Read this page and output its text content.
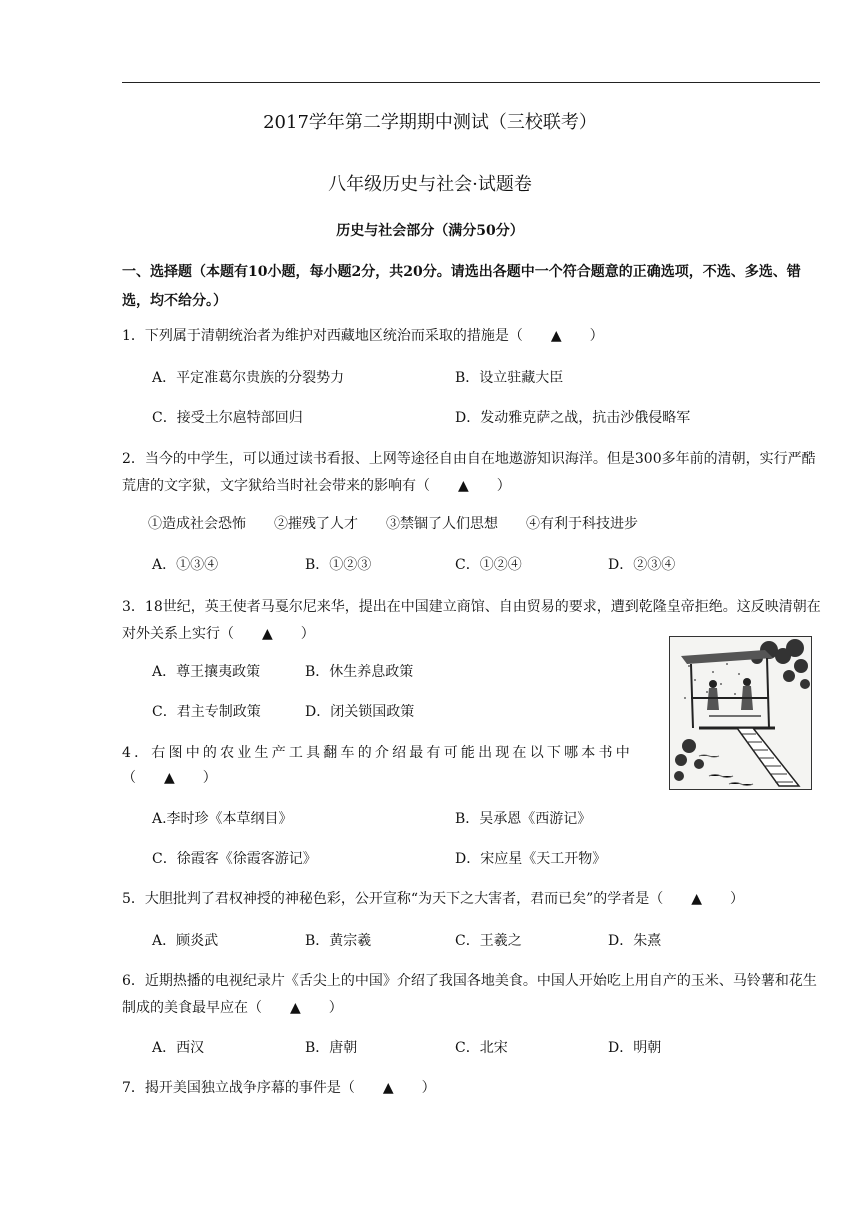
2017学年第二学期期中测试（三校联考）
八年级历史与社会·试题卷
历史与社会部分（满分50分）
一、选择题（本题有10小题，每小题2分，共20分。请选出各题中一个符合题意的正确选项，不选、多选、错选，均不给分。）
1．下列属于清朝统治者为维护对西藏地区统治而采取的措施是（　　▲　　）
A．平定准葛尔贵族的分裂势力	B．设立驻藏大臣
C．接受土尔扈特部回归	D．发动雅克萨之战，抗击沙俄侵略军
2．当今的中学生，可以通过读书看报、上网等途径自由自在地遨游知识海洋。但是300多年前的清朝，实行严酷荒唐的文字狱，文字狱给当时社会带来的影响有（　　▲　　）
①造成社会恐怖　　②摧残了人才　　③禁锢了人们思想　　④有利于科技进步
A．①③④	B．①②③	C．①②④	D．②③④
3．18世纪，英王使者马戛尔尼来华，提出在中国建立商馆、自由贸易的要求，遭到乾隆皇帝拒绝。这反映清朝在对外关系上实行（　　▲　　）
A．尊王攘夷政策	B．休生养息政策
C．君主专制政策	D．闭关锁国政策
4．右图中的农业生产工具翻车的介绍最有可能出现在以下哪本书中
（　　▲　　）
A.李时珍《本草纲目》	B．吴承恩《西游记》
C．徐霞客《徐霞客游记》	D．宋应星《天工开物》
5．大胆批判了君权神授的神秘色彩，公开宣称“为天下之大害者，君而已矣”的学者是（　　▲　　）
A．顾炎武	B．黄宗羲	C．王羲之	D．朱熹
6．近期热播的电视纪录片《舌尖上的中国》介绍了我国各地美食。中国人开始吃上用自产的玉米、马铃薯和花生制成的美食最早应在（　　▲　　）
A．西汉	B．唐朝	C．北宋	D．明朝
7．揭开美国独立战争序幕的事件是（　　▲　　）
